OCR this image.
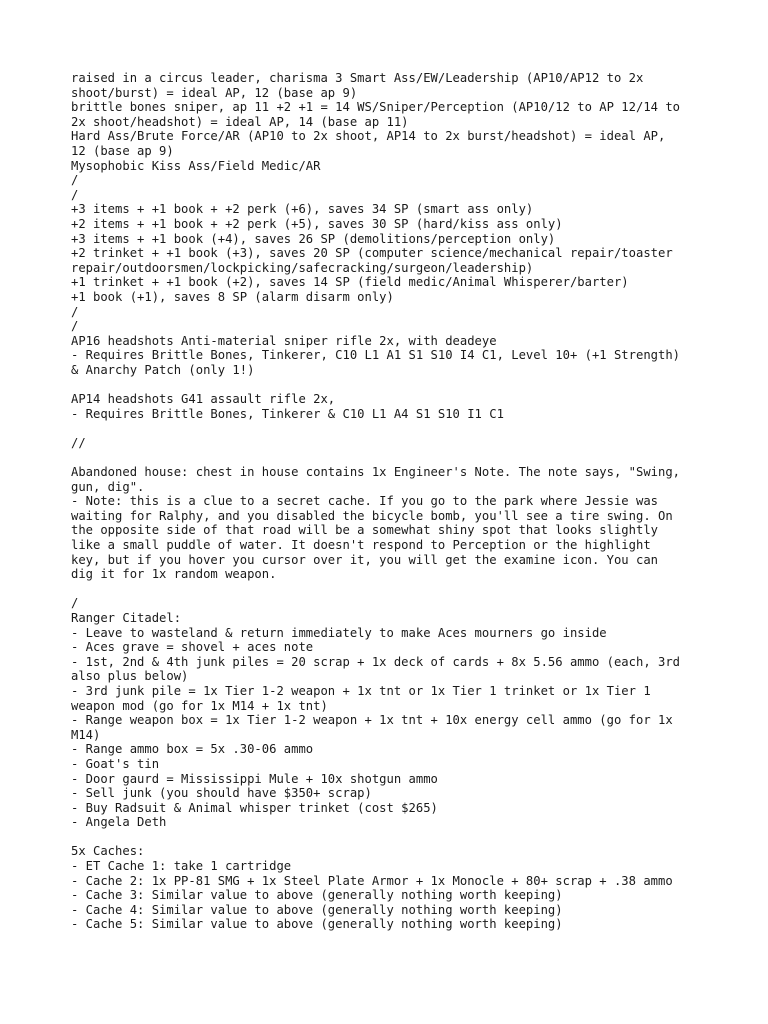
raised in a circus leader, charisma 3 Smart Ass/EW/Leadership (AP10/AP12 to 2x
shoot/burst) = ideal AP, 12 (base ap 9)
brittle bones sniper, ap 11 +2 +1 = 14 WS/Sniper/Perception (AP10/12 to AP 12/14 to
2x shoot/headshot) = ideal AP, 14 (base ap 11)
Hard Ass/Brute Force/AR (AP10 to 2x shoot, AP14 to 2x burst/headshot) = ideal AP,
12 (base ap 9)
Mysophobic Kiss Ass/Field Medic/AR
/
/
+3 items + +1 book + +2 perk (+6), saves 34 SP (smart ass only)
+2 items + +1 book + +2 perk (+5), saves 30 SP (hard/kiss ass only)
+3 items + +1 book (+4), saves 26 SP (demolitions/perception only)
+2 trinket + +1 book (+3), saves 20 SP (computer science/mechanical repair/toaster
repair/outdoorsmen/lockpicking/safecracking/surgeon/leadership)
+1 trinket + +1 book (+2), saves 14 SP (field medic/Animal Whisperer/barter)
+1 book (+1), saves 8 SP (alarm disarm only)
/
/
AP16 headshots Anti-material sniper rifle 2x, with deadeye
- Requires Brittle Bones, Tinkerer, C10 L1 A1 S1 S10 I4 C1, Level 10+ (+1 Strength)
& Anarchy Patch (only 1!)
AP14 headshots G41 assault rifle 2x,
- Requires Brittle Bones, Tinkerer & C10 L1 A4 S1 S10 I1 C1
//
Abandoned house: chest in house contains 1x Engineer's Note. The note says, "Swing,
gun, dig".
- Note: this is a clue to a secret cache. If you go to the park where Jessie was
waiting for Ralphy, and you disabled the bicycle bomb, you'll see a tire swing. On
the opposite side of that road will be a somewhat shiny spot that looks slightly
like a small puddle of water. It doesn't respond to Perception or the highlight
key, but if you hover you cursor over it, you will get the examine icon. You can
dig it for 1x random weapon.
/
Ranger Citadel:
- Leave to wasteland & return immediately to make Aces mourners go inside
- Aces grave = shovel + aces note
- 1st, 2nd & 4th junk piles = 20 scrap + 1x deck of cards + 8x 5.56 ammo (each, 3rd
also plus below)
- 3rd junk pile = 1x Tier 1-2 weapon + 1x tnt or 1x Tier 1 trinket or 1x Tier 1
weapon mod (go for 1x M14 + 1x tnt)
- Range weapon box = 1x Tier 1-2 weapon + 1x tnt + 10x energy cell ammo (go for 1x
M14)
- Range ammo box = 5x .30-06 ammo
- Goat's tin
- Door gaurd = Mississippi Mule + 10x shotgun ammo
- Sell junk (you should have $350+ scrap)
- Buy Radsuit & Animal whisper trinket (cost $265)
- Angela Deth
5x Caches:
- ET Cache 1: take 1 cartridge
- Cache 2: 1x PP-81 SMG + 1x Steel Plate Armor + 1x Monocle + 80+ scrap + .38 ammo
- Cache 3: Similar value to above (generally nothing worth keeping)
- Cache 4: Similar value to above (generally nothing worth keeping)
- Cache 5: Similar value to above (generally nothing worth keeping)
